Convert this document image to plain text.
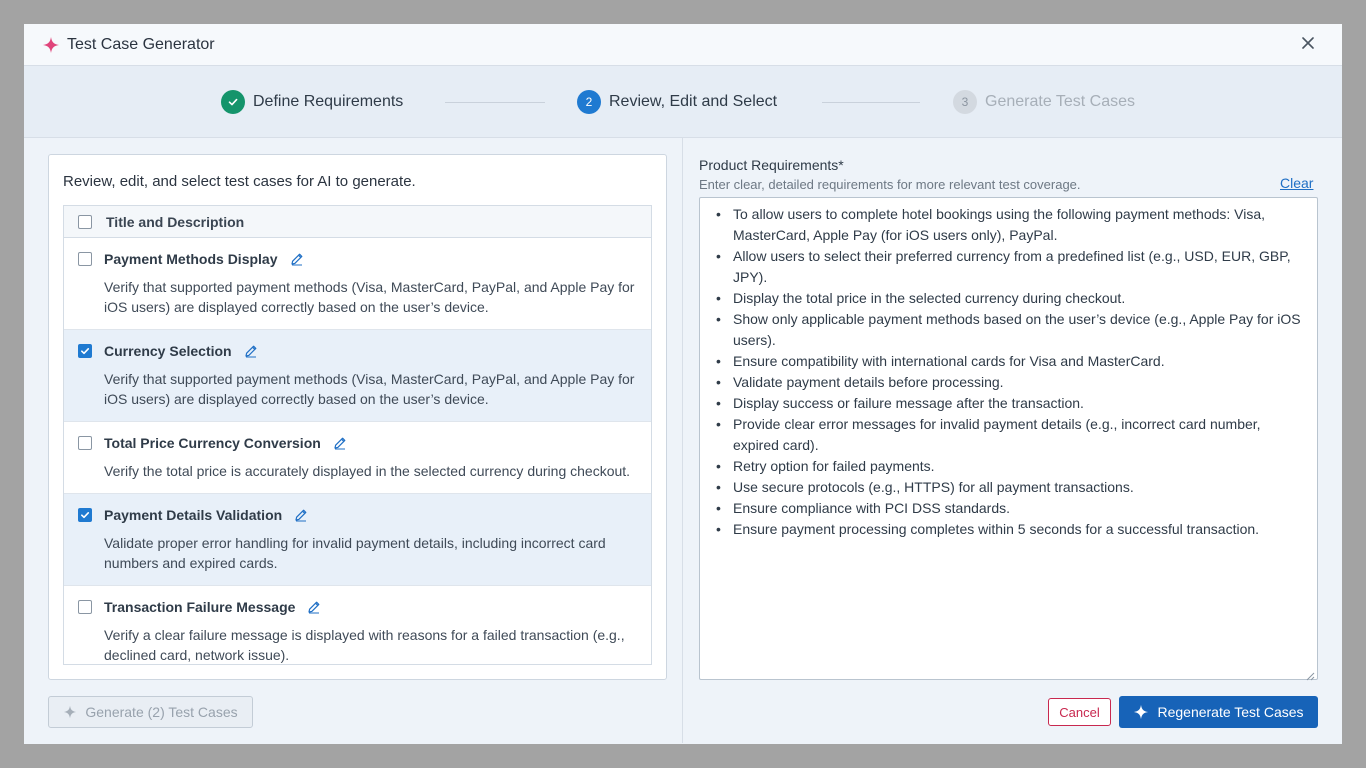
Test Case Generator
Define Requirements	2	Review, Edit and Select	3	Generate Test Cases
Review, edit, and select test cases for AI to generate.
Title and Description
Payment Methods Display
Verify that supported payment methods (Visa, MasterCard, PayPal, and Apple Pay for iOS users) are displayed correctly based on the user’s device.
Currency Selection
Verify that supported payment methods (Visa, MasterCard, PayPal, and Apple Pay for iOS users) are displayed correctly based on the user’s device.
Total Price Currency Conversion
Verify the total price is accurately displayed in the selected currency during checkout.
Payment Details Validation
Validate proper error handling for invalid payment details, including incorrect card numbers and expired cards.
Transaction Failure Message
Verify a clear failure message is displayed with reasons for a failed transaction (e.g., declined card, network issue).
Generate (2) Test Cases
Product Requirements*
Enter clear, detailed requirements for more relevant test coverage.	Clear
• To allow users to complete hotel bookings using the following payment methods: Visa, MasterCard, Apple Pay (for iOS users only), PayPal.
• Allow users to select their preferred currency from a predefined list (e.g., USD, EUR, GBP, JPY).
• Display the total price in the selected currency during checkout.
• Show only applicable payment methods based on the user’s device (e.g., Apple Pay for iOS users).
• Ensure compatibility with international cards for Visa and MasterCard.
• Validate payment details before processing.
• Display success or failure message after the transaction.
• Provide clear error messages for invalid payment details (e.g., incorrect card number, expired card).
• Retry option for failed payments.
• Use secure protocols (e.g., HTTPS) for all payment transactions.
• Ensure compliance with PCI DSS standards.
• Ensure payment processing completes within 5 seconds for a successful transaction.
Cancel	Regenerate Test Cases
